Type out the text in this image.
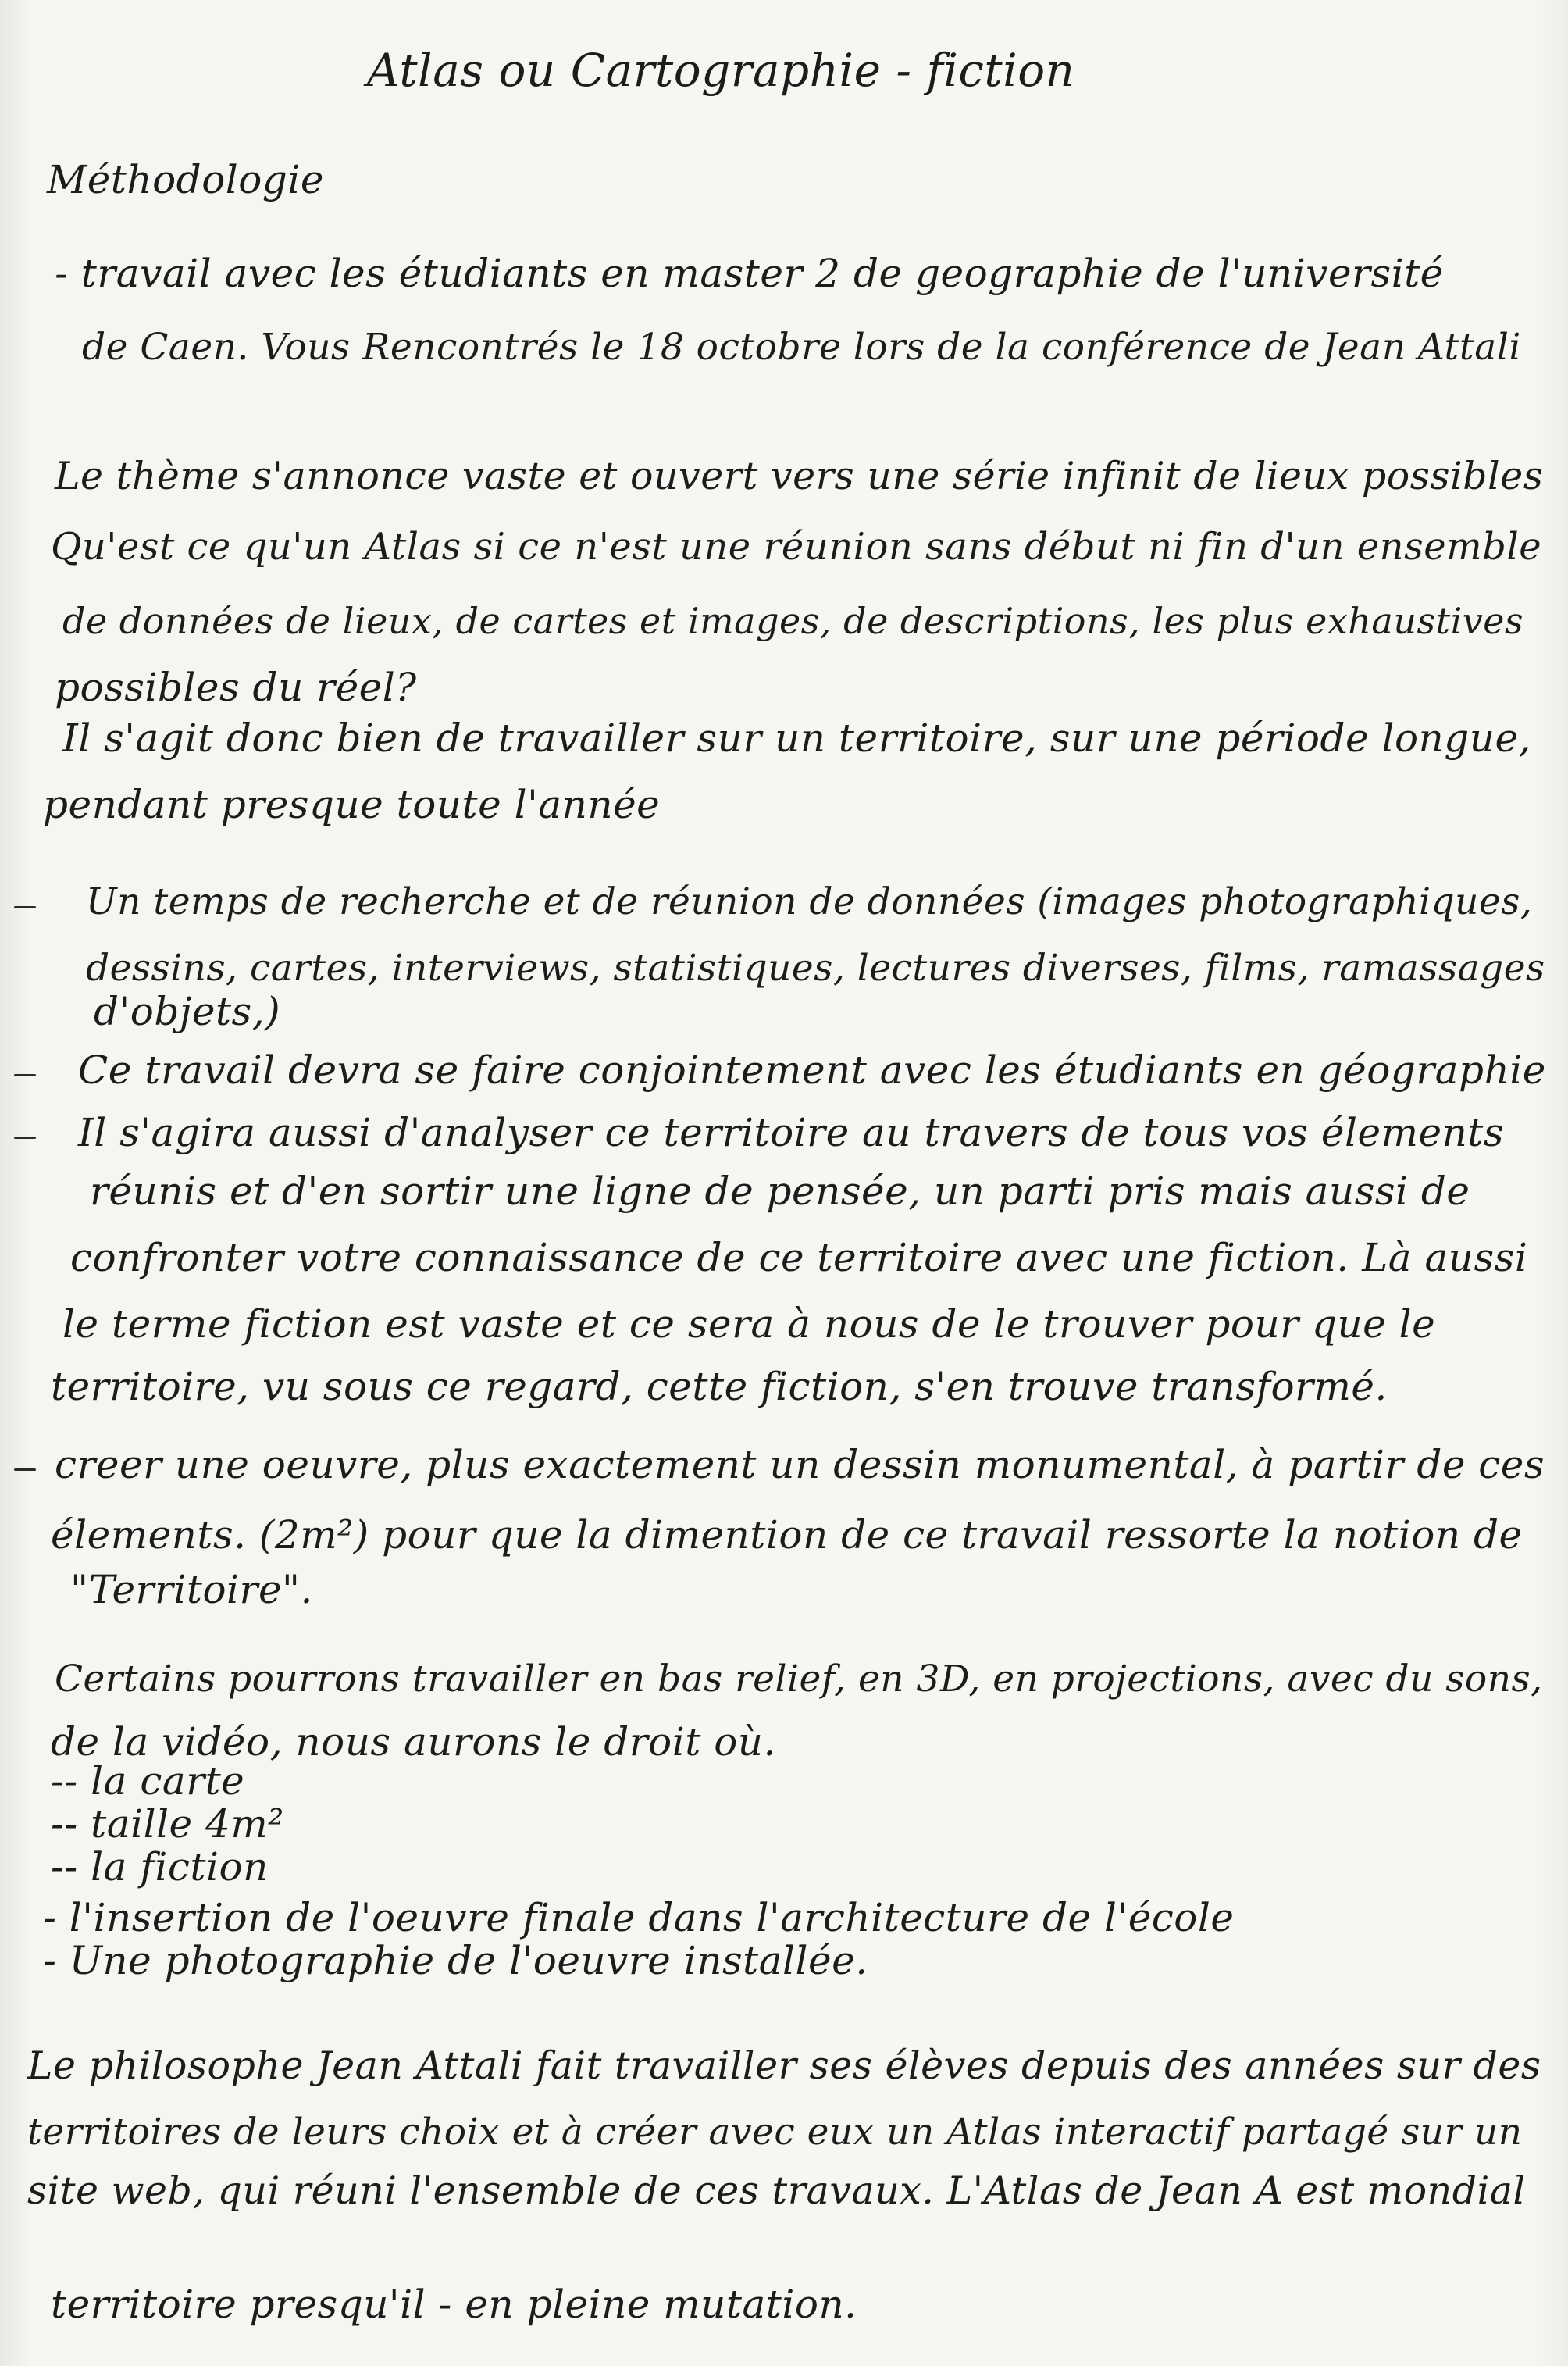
Atlas ou Cartographie - fiction
Méthodologie
- travail avec les étudiants en master 2 de geographie de l'université
de Caen. Vous Rencontrés le 18 octobre lors de la conférence de Jean Attali
Le thème s'annonce vaste et ouvert vers une série infinit de lieux possibles
Qu'est ce qu'un Atlas si ce n'est une réunion sans début ni fin d'un ensemble
de données de lieux, de cartes et images, de descriptions, les plus exhaustives
possibles du réel?
Il s'agit donc bien de travailler sur un territoire, sur une période longue,
pendant presque toute l'année
Un temps de recherche et de réunion de données (images photographiques,
dessins, cartes, interviews, statistiques, lectures diverses, films, ramassages
d'objets,)
Ce travail devra se faire conjointement avec les étudiants en géographie
Il s'agira aussi d'analyser ce territoire au travers de tous vos élements
réunis et d'en sortir une ligne de pensée, un parti pris mais aussi de
confronter votre connaissance de ce territoire avec une fiction. Là aussi
le terme fiction est vaste et ce sera à nous de le trouver pour que le
territoire, vu sous ce regard, cette fiction, s'en trouve transformé.
creer une oeuvre, plus exactement un dessin monumental, à partir de ces
élements. (2m²) pour que la dimention de ce travail ressorte la notion de
"Territoire".
Certains pourrons travailler en bas relief, en 3D, en projections, avec du sons,
de la vidéo, nous aurons le droit où.
-- la carte
-- taille 4m²
-- la fiction
- l'insertion de l'oeuvre finale dans l'architecture de l'école
- Une photographie de l'oeuvre installée.
Le philosophe Jean Attali fait travailler ses élèves depuis des années sur des
territoires de leurs choix et à créer avec eux un Atlas interactif partagé sur un
site web, qui réuni l'ensemble de ces travaux. L'Atlas de Jean A est mondial
territoire presqu'il - en pleine mutation.
